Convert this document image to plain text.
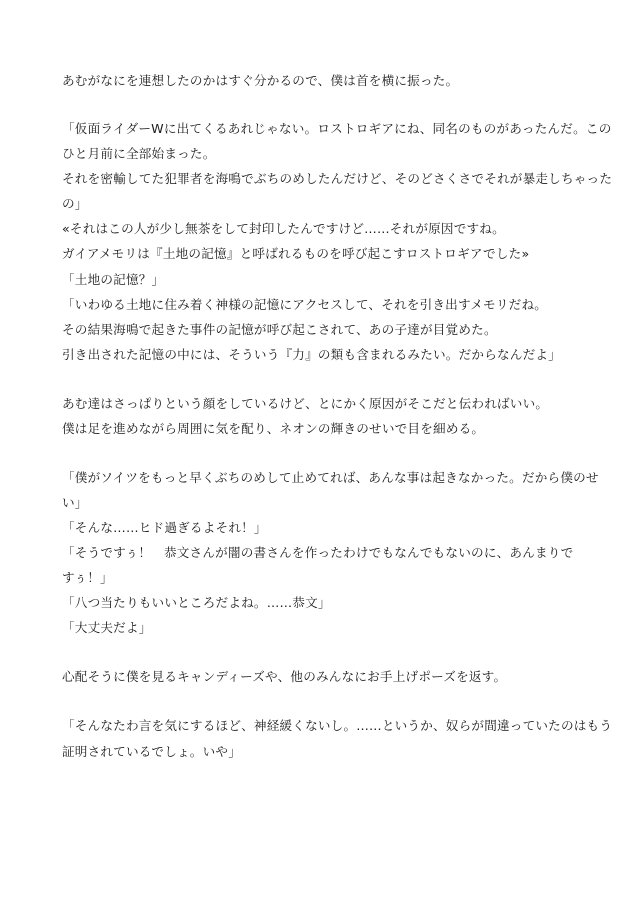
あむがなにを連想したのかはすぐ分かるので、僕は首を横に振った。
「仮面ライダーWに出てくるあれじゃない。ロストロギアにね、同名のものがあったんだ。この
ひと月前に全部始まった。
それを密輸してた犯罪者を海鳴でぶちのめしたんだけど、そのどさくさでそれが暴走しちゃった
の」
«それはこの人が少し無茶をして封印したんですけど……それが原因ですね。
ガイアメモリは『土地の記憶』と呼ばれるものを呼び起こすロストロギアでした»
「土地の記憶？」
「いわゆる土地に住み着く神様の記憶にアクセスして、それを引き出すメモリだね。
その結果海鳴で起きた事件の記憶が呼び起こされて、あの子達が目覚めた。
引き出された記憶の中には、そういう『力』の類も含まれるみたい。だからなんだよ」
あむ達はさっぱりという顔をしているけど、とにかく原因がそこだと伝わればいい。
僕は足を進めながら周囲に気を配り、ネオンの輝きのせいで目を細める。
「僕がソイツをもっと早くぶちのめして止めてれば、あんな事は起きなかった。だから僕のせ
い」
「そんな……ヒド過ぎるよそれ！」
「そうですぅ！　恭文さんが闇の書さんを作ったわけでもなんでもないのに、あんまりで
すぅ！」
「八つ当たりもいいところだよね。……恭文」
「大丈夫だよ」
心配そうに僕を見るキャンディーズや、他のみんなにお手上げポーズを返す。
「そんなたわ言を気にするほど、神経緩くないし。……というか、奴らが間違っていたのはもう
証明されているでしょ。いや」
